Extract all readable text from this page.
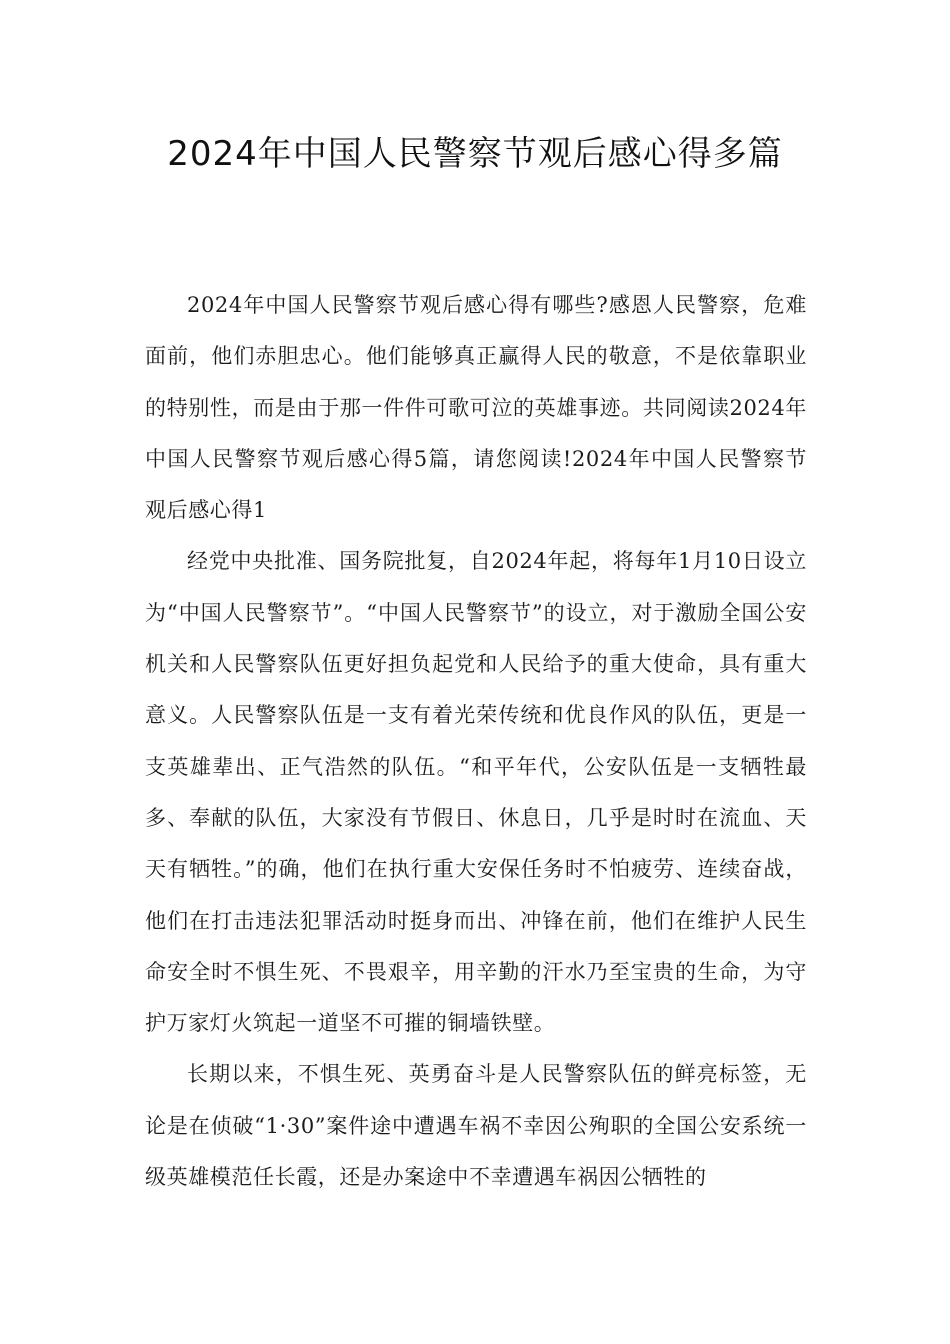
2024年中国人民警察节观后感心得多篇

2024年中国人民警察节观后感心得有哪些?感恩人民警察，危难面前，他们赤胆忠心。他们能够真正赢得人民的敬意，不是依靠职业的特别性，而是由于那一件件可歌可泣的英雄事迹。共同阅读2024年中国人民警察节观后感心得5篇，请您阅读!2024年中国人民警察节观后感心得1

经党中央批准、国务院批复，自2024年起，将每年1月10日设立为“中国人民警察节”。“中国人民警察节”的设立，对于激励全国公安机关和人民警察队伍更好担负起党和人民给予的重大使命，具有重大意义。人民警察队伍是一支有着光荣传统和优良作风的队伍，更是一支英雄辈出、正气浩然的队伍。“和平年代，公安队伍是一支牺牲最多、奉献的队伍，大家没有节假日、休息日，几乎是时时在流血、天天有牺牲。”的确，他们在执行重大安保任务时不怕疲劳、连续奋战，他们在打击违法犯罪活动时挺身而出、冲锋在前，他们在维护人民生命安全时不惧生死、不畏艰辛，用辛勤的汗水乃至宝贵的生命，为守护万家灯火筑起一道坚不可摧的铜墙铁壁。

长期以来，不惧生死、英勇奋斗是人民警察队伍的鲜亮标签，无论是在侦破“1·30”案件途中遭遇车祸不幸因公殉职的全国公安系统一级英雄模范任长霞，还是办案途中不幸遭遇车祸因公牺牲的
